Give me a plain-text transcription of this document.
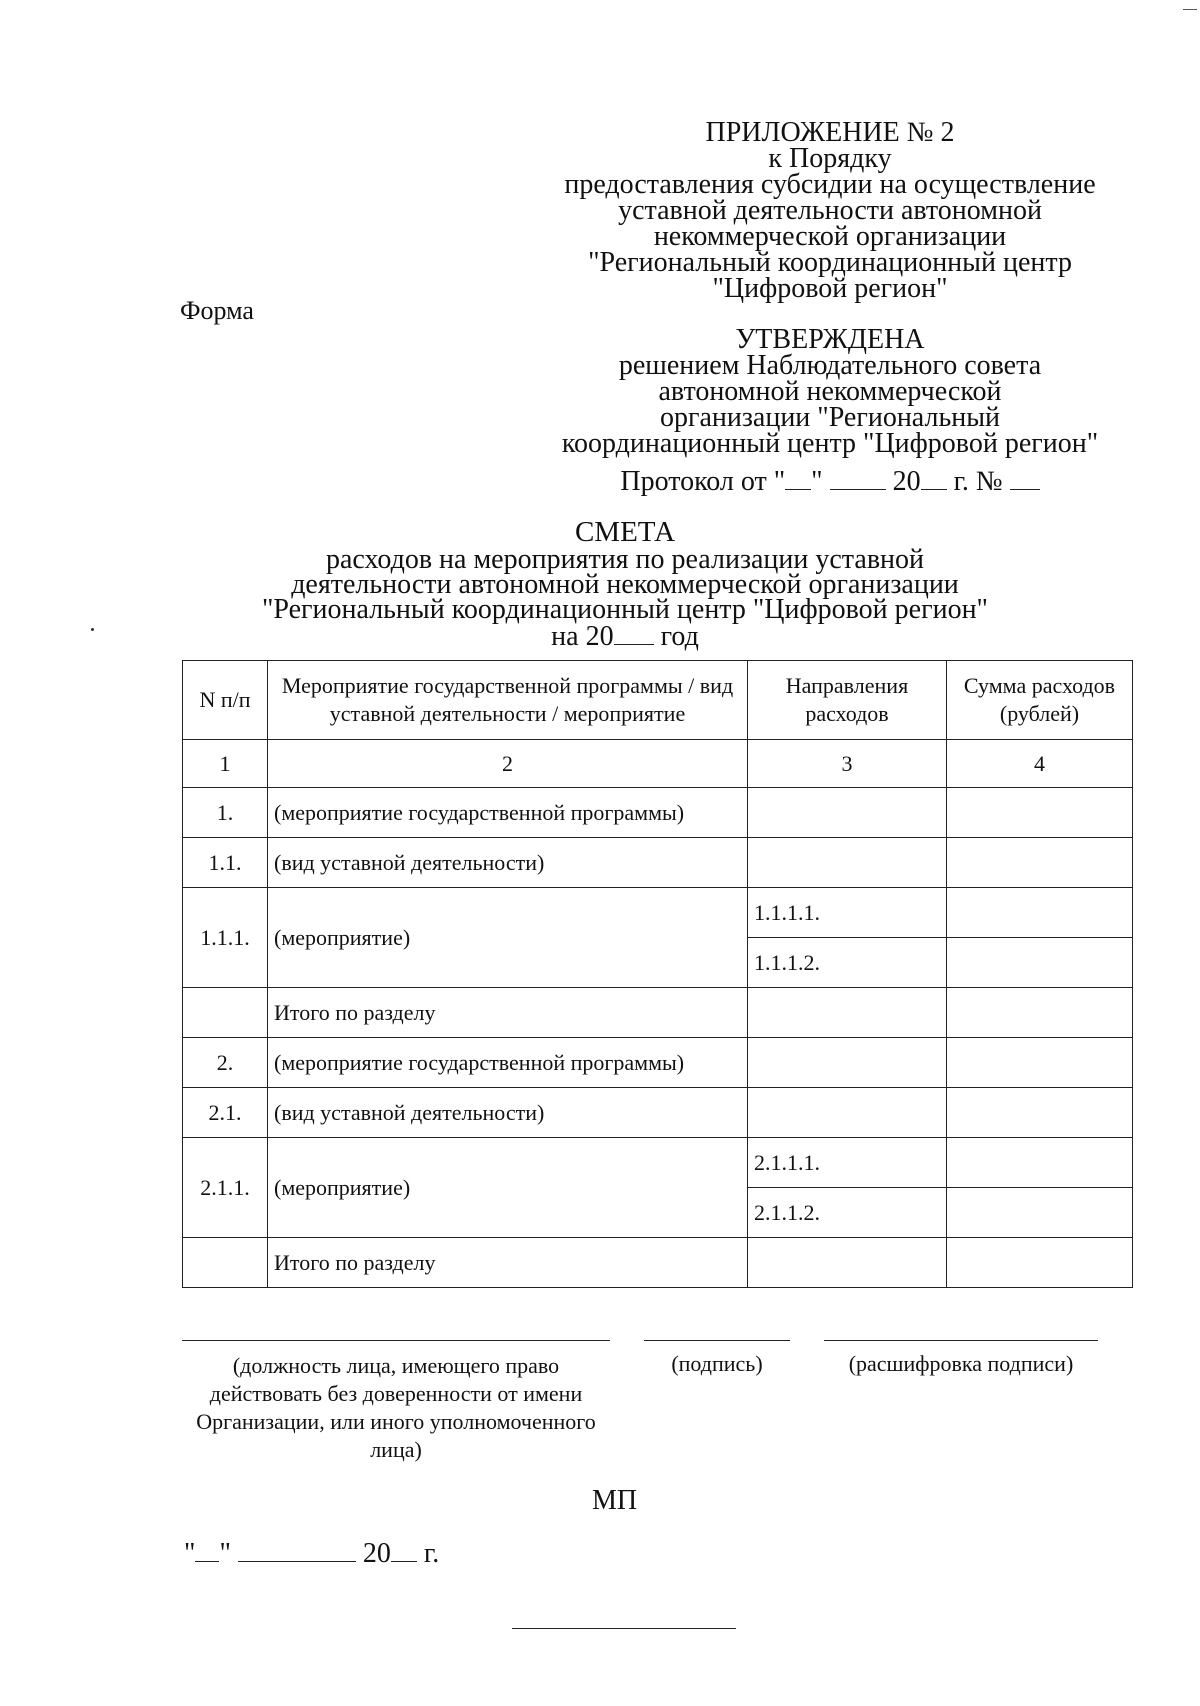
ПРИЛОЖЕНИЕ № 2
к Порядку
предоставления субсидии на осуществление
уставной деятельности автономной
некоммерческой организации
"Региональный координационный центр
"Цифровой регион"
Форма
УТВЕРЖДЕНА
решением Наблюдательного совета
автономной некоммерческой
организации "Региональный
координационный центр "Цифровой регион"
Протокол от " "	20 г. №
СМЕТА
расходов на мероприятия по реализации уставной
деятельности автономной некоммерческой организации
"Региональный координационный центр "Цифровой регион"
на 20 год
N п/п	Мероприятие государственной программы / вид уставной деятельности / мероприятие	Направления расходов	Сумма расходов (рублей)
1	2	3	4
1.	(мероприятие государственной программы)		
1.1.	(вид уставной деятельности)		
1.1.1.	(мероприятие)	1.1.1.1.	
		1.1.1.2.	
	Итого по разделу		
2.	(мероприятие государственной программы)		
2.1.	(вид уставной деятельности)		
2.1.1.	(мероприятие)	2.1.1.1.	
		2.1.1.2.	
	Итого по разделу		
(должность лица, имеющего право действовать без доверенности от имени Организации, или иного уполномоченного лица)
(подпись)	(расшифровка подписи)
МП
" "	20 г.
